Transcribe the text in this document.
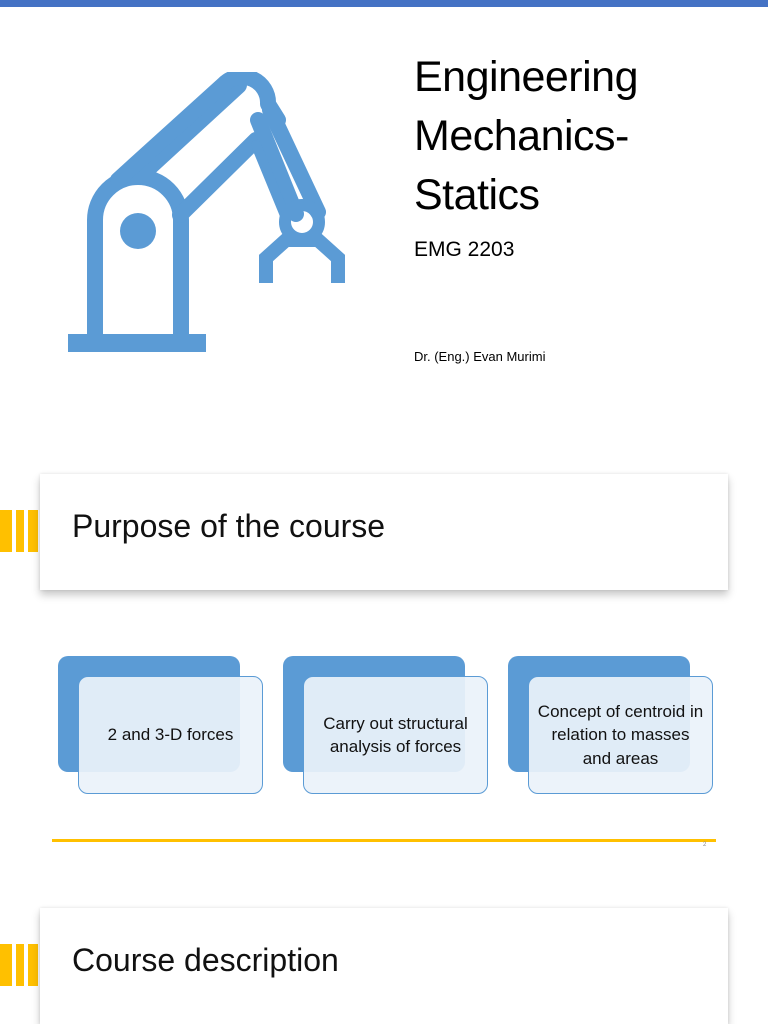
Engineering
Mechanics-
Statics
EMG 2203
Dr. (Eng.) Evan Murimi
Purpose of the course
2 and 3-D forces
Carry out structural analysis of forces
Concept of centroid in relation to masses and areas
2
Course description
